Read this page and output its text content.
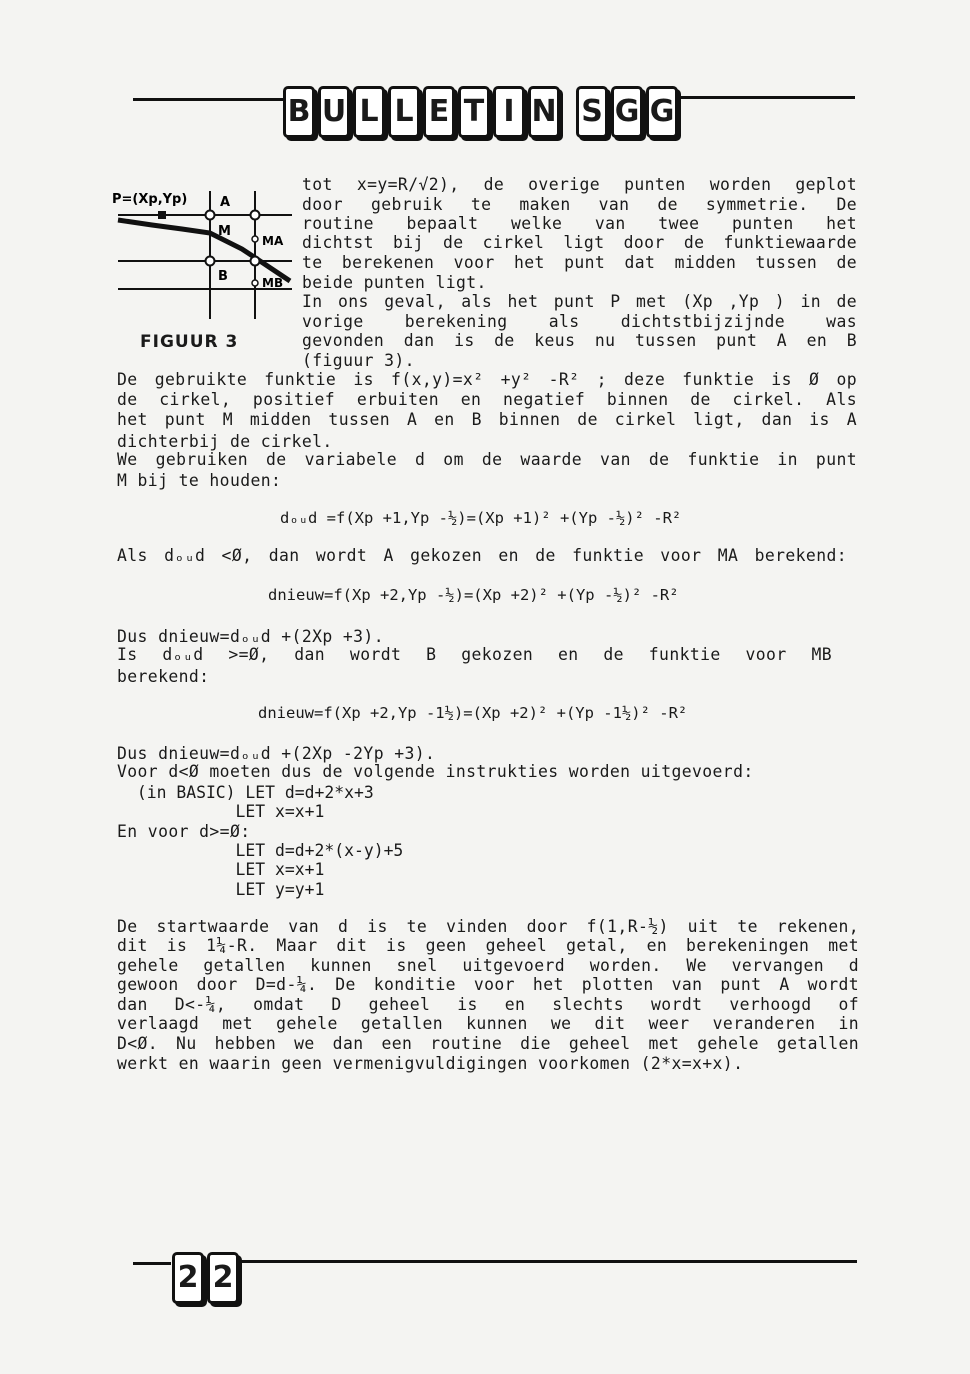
B U L L E T I N S G G
P=(Xp,Yp)	A
M
B
MA
MB
FIGUUR 3
tot x=y=R/√2), de overige punten worden geplot
door gebruik te maken van de symmetrie. De
routine bepaalt welke van twee punten het
dichtst bij de cirkel ligt door de funktiewaarde
te berekenen voor het punt dat midden tussen de
beide punten ligt.
In ons geval, als het punt P met (Xp ,Yp ) in de
vorige berekening als dichtstbijzijnde was
gevonden dan is de keus nu tussen punt A en B
(figuur 3).
De gebruikte funktie is f(x,y)=x² +y² -R² ; deze funktie is Ø op
de cirkel, positief erbuiten en negatief binnen de cirkel. Als
het punt M midden tussen A en B binnen de cirkel ligt, dan is A
dichterbij de cirkel.
We gebruiken de variabele d om de waarde van de funktie in punt
M bij te houden:
dₒᵤd =f(Xp +1,Yp -½)=(Xp +1)² +(Yp -½)² -R²
Als dₒᵤd <Ø, dan wordt A gekozen en de funktie voor MA berekend:
dnieuw=f(Xp +2,Yp -½)=(Xp +2)² +(Yp -½)² -R²
Dus dnieuw=dₒᵤd +(2Xp +3).
Is dₒᵤd >=Ø, dan wordt B gekozen en de funktie voor MB
berekend:
dnieuw=f(Xp +2,Yp -1½)=(Xp +2)² +(Yp -1½)² -R²
Dus dnieuw=dₒᵤd +(2Xp -2Yp +3).
Voor d<Ø moeten dus de volgende instrukties worden uitgevoerd:
(in BASIC) LET d=d+2*x+3
LET x=x+1
En voor d>=Ø:
LET d=d+2*(x-y)+5
LET x=x+1
LET y=y+1
De startwaarde van d is te vinden door f(1,R-½) uit te rekenen,
dit is 1¼-R. Maar dit is geen geheel getal, en berekeningen met
gehele getallen kunnen snel uitgevoerd worden. We vervangen d
gewoon door D=d-¼. De konditie voor het plotten van punt A wordt
dan D<-¼, omdat D geheel is en slechts wordt verhoogd of
verlaagd met gehele getallen kunnen we dit weer veranderen in
D<Ø. Nu hebben we dan een routine die geheel met gehele getallen
werkt en waarin geen vermenigvuldigingen voorkomen (2*x=x+x).
2 2
